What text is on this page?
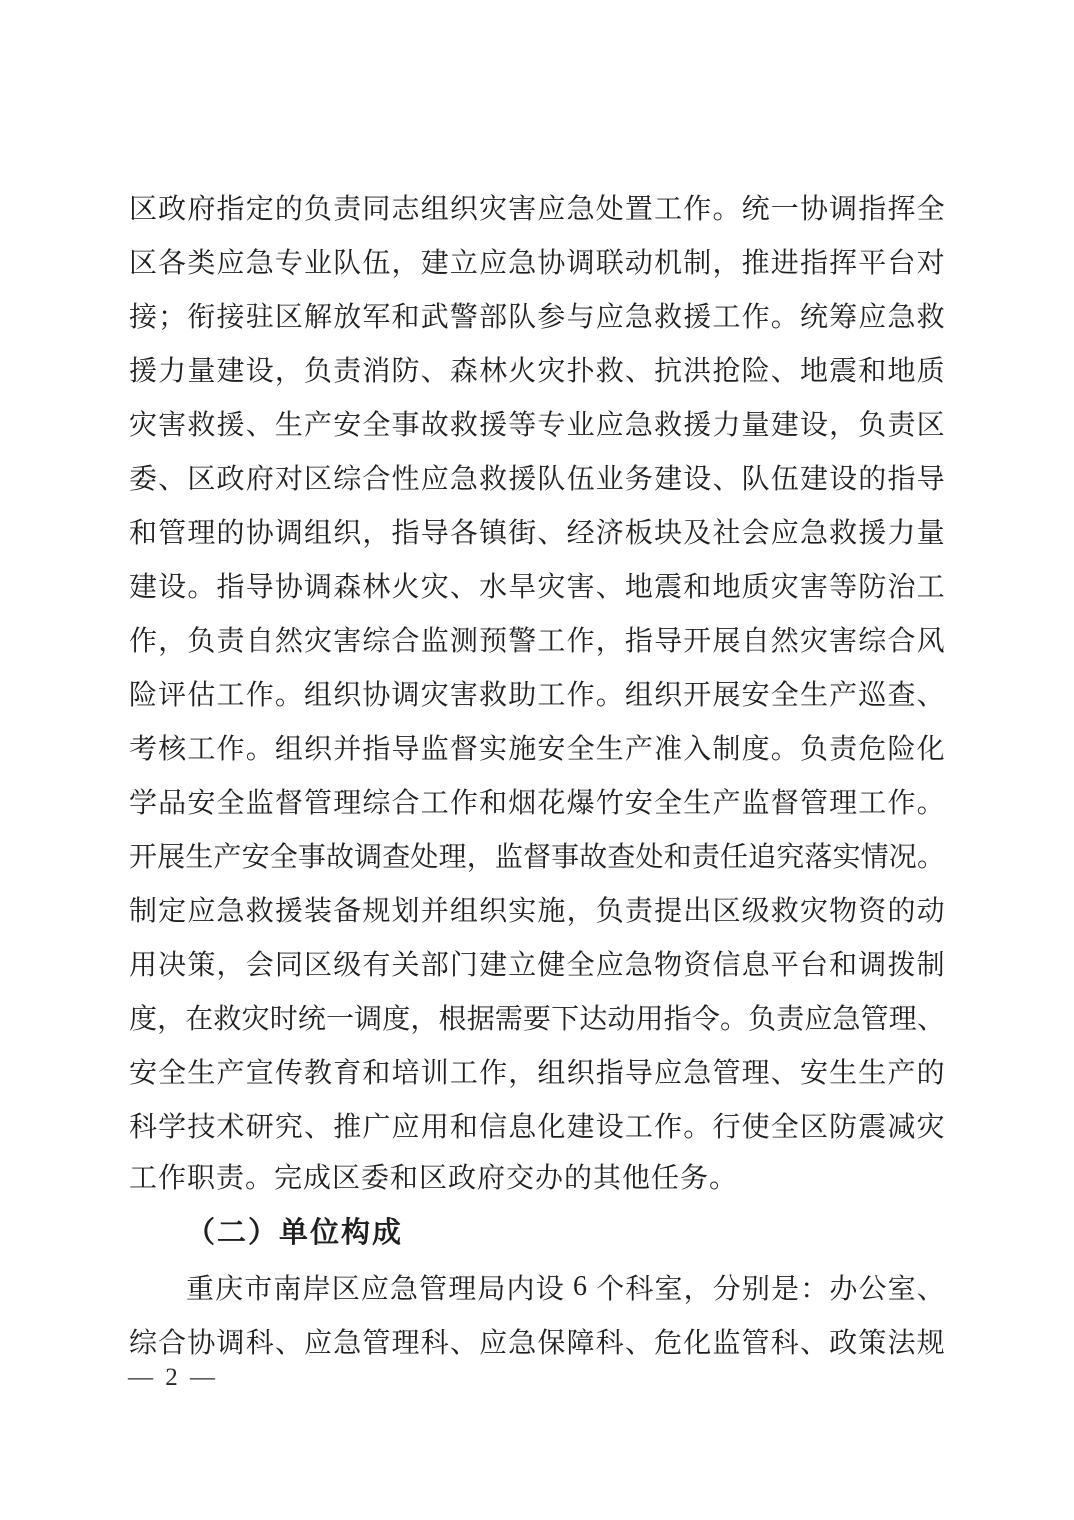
区 政 府 指 定 的 负 责 同 志 组 织 灾 害 应 急 处 置 工 作 。 统 一 协 调 指 挥 全
区 各 类 应 急 专 业 队 伍 ， 建 立 应 急 协 调 联 动 机 制 ， 推 进 指 挥 平 台 对
接 ； 衔 接 驻 区 解 放 军 和 武 警 部 队 参 与 应 急 救 援 工 作 。 统 筹 应 急 救
援 力 量 建 设 ， 负 责 消 防 、 森 林 火 灾 扑 救 、 抗 洪 抢 险 、 地 震 和 地 质
灾 害 救 援 、 生 产 安 全 事 故 救 援 等 专 业 应 急 救 援 力 量 建 设 ， 负 责 区
委 、 区 政 府 对 区 综 合 性 应 急 救 援 队 伍 业 务 建 设 、 队 伍 建 设 的 指 导
和 管 理 的 协 调 组 织 ， 指 导 各 镇 街 、 经 济 板 块 及 社 会 应 急 救 援 力 量
建 设 。 指 导 协 调 森 林 火 灾 、 水 旱 灾 害 、 地 震 和 地 质 灾 害 等 防 治 工
作 ， 负 责 自 然 灾 害 综 合 监 测 预 警 工 作 ， 指 导 开 展 自 然 灾 害 综 合 风
险 评 估 工 作 。 组 织 协 调 灾 害 救 助 工 作 。 组 织 开 展 安 全 生 产 巡 查 、
考 核 工 作 。 组 织 并 指 导 监 督 实 施 安 全 生 产 准 入 制 度 。 负 责 危 险 化
学 品 安 全 监 督 管 理 综 合 工 作 和 烟 花 爆 竹 安 全 生 产 监 督 管 理 工 作 。
开 展 生 产 安 全 事 故 调 查 处 理 ， 监 督 事 故 查 处 和 责 任 追 究 落 实 情 况 。
制 定 应 急 救 援 装 备 规 划 并 组 织 实 施 ， 负 责 提 出 区 级 救 灾 物 资 的 动
用 决 策 ， 会 同 区 级 有 关 部 门 建 立 健 全 应 急 物 资 信 息 平 台 和 调 拨 制
度 ， 在 救 灾 时 统 一 调 度 ， 根 据 需 要 下 达 动 用 指 令 。 负 责 应 急 管 理 、
安 全 生 产 宣 传 教 育 和 培 训 工 作 ， 组 织 指 导 应 急 管 理 、 安 生 生 产 的
科 学 技 术 研 究 、 推 广 应 用 和 信 息 化 建 设 工 作 。 行 使 全 区 防 震 减 灾
工作职责。完成区委和区政府交办的其他任务。
（二）单位构成
重 庆 市 南 岸 区 应 急 管 理 局 内 设
6
个 科 室 ， 分 别 是 ： 办 公 室 、
综 合 协 调 科 、 应 急 管 理 科 、 应 急 保 障 科 、 危 化 监 管 科 、 政 策 法 规
— 2 —
